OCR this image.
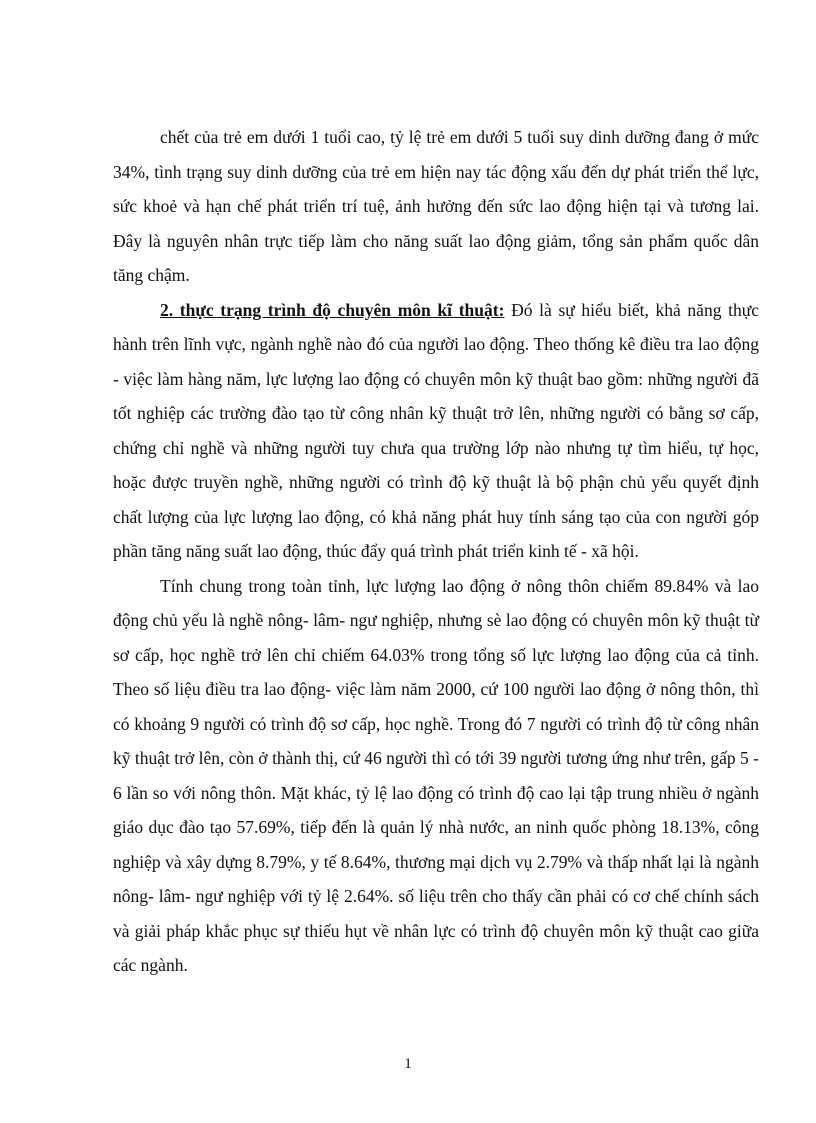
chết của trẻ em dưới 1 tuổi cao, tỷ lệ trẻ em dưới 5 tuổi suy dinh dưỡng đang ở mức 34%, tình trạng suy dinh dưỡng của trẻ em hiện nay tác động xấu đến dự phát triển thể lực, sức khoẻ và hạn chế phát triển trí tuệ, ảnh hưởng đến sức lao động hiện tại và tương lai. Đây là nguyên nhân trực tiếp làm cho năng suất lao động giảm, tổng sản phẩm quốc dân tăng chậm.

2. thực trạng trình độ chuyên môn kĩ thuật: Đó là sự hiểu biết, khả năng thực hành trên lĩnh vực, ngành nghề nào đó của người lao động. Theo thống kê điều tra lao động - việc làm hàng năm, lực lượng lao động có chuyên môn kỹ thuật bao gồm: những người đã tốt nghiệp các trường đào tạo từ công nhân kỹ thuật trở lên, những người có bằng sơ cấp, chứng chỉ nghề và những người tuy chưa qua trường lớp nào nhưng tự tìm hiểu, tự học, hoặc được truyền nghề, những người có trình độ kỹ thuật là bộ phận chủ yếu quyết định chất lượng của lực lượng lao động, có khả năng phát huy tính sáng tạo của con người góp phần tăng năng suất lao động, thúc đẩy quá trình phát triển kinh tế - xã hội.

Tính chung trong toàn tỉnh, lực lượng lao động ở nông thôn chiếm 89.84% và lao động chủ yếu là nghề nông- lâm- ngư nghiệp, nhưng sè lao động có chuyên môn kỹ thuật từ sơ cấp, học nghề trở lên chỉ chiếm 64.03% trong tổng số lực lượng lao động của cả tỉnh. Theo số liệu điều tra lao động- việc làm năm 2000, cứ 100 người lao động ở nông thôn, thì có khoảng 9 người có trình độ sơ cấp, học nghề. Trong đó 7 người có trình độ từ công nhân kỹ thuật trở lên, còn ở thành thị, cứ 46 người thì có tới 39 người tương ứng như trên, gấp 5 - 6 lần so với nông thôn. Mặt khác, tỷ lệ lao động có trình độ cao lại tập trung nhiều ở ngành giáo dục đào tạo 57.69%, tiếp đến là quản lý nhà nước, an ninh quốc phòng 18.13%, công nghiệp và xây dựng 8.79%, y tế 8.64%, thương mại dịch vụ 2.79% và thấp nhất lại là ngành nông- lâm- ngư nghiệp với tỷ lệ 2.64%. số liệu trên cho thấy cần phải có cơ chế chính sách và giải pháp khắc phục sự thiếu hụt về nhân lực có trình độ chuyên môn kỹ thuật cao giữa các ngành.

1
